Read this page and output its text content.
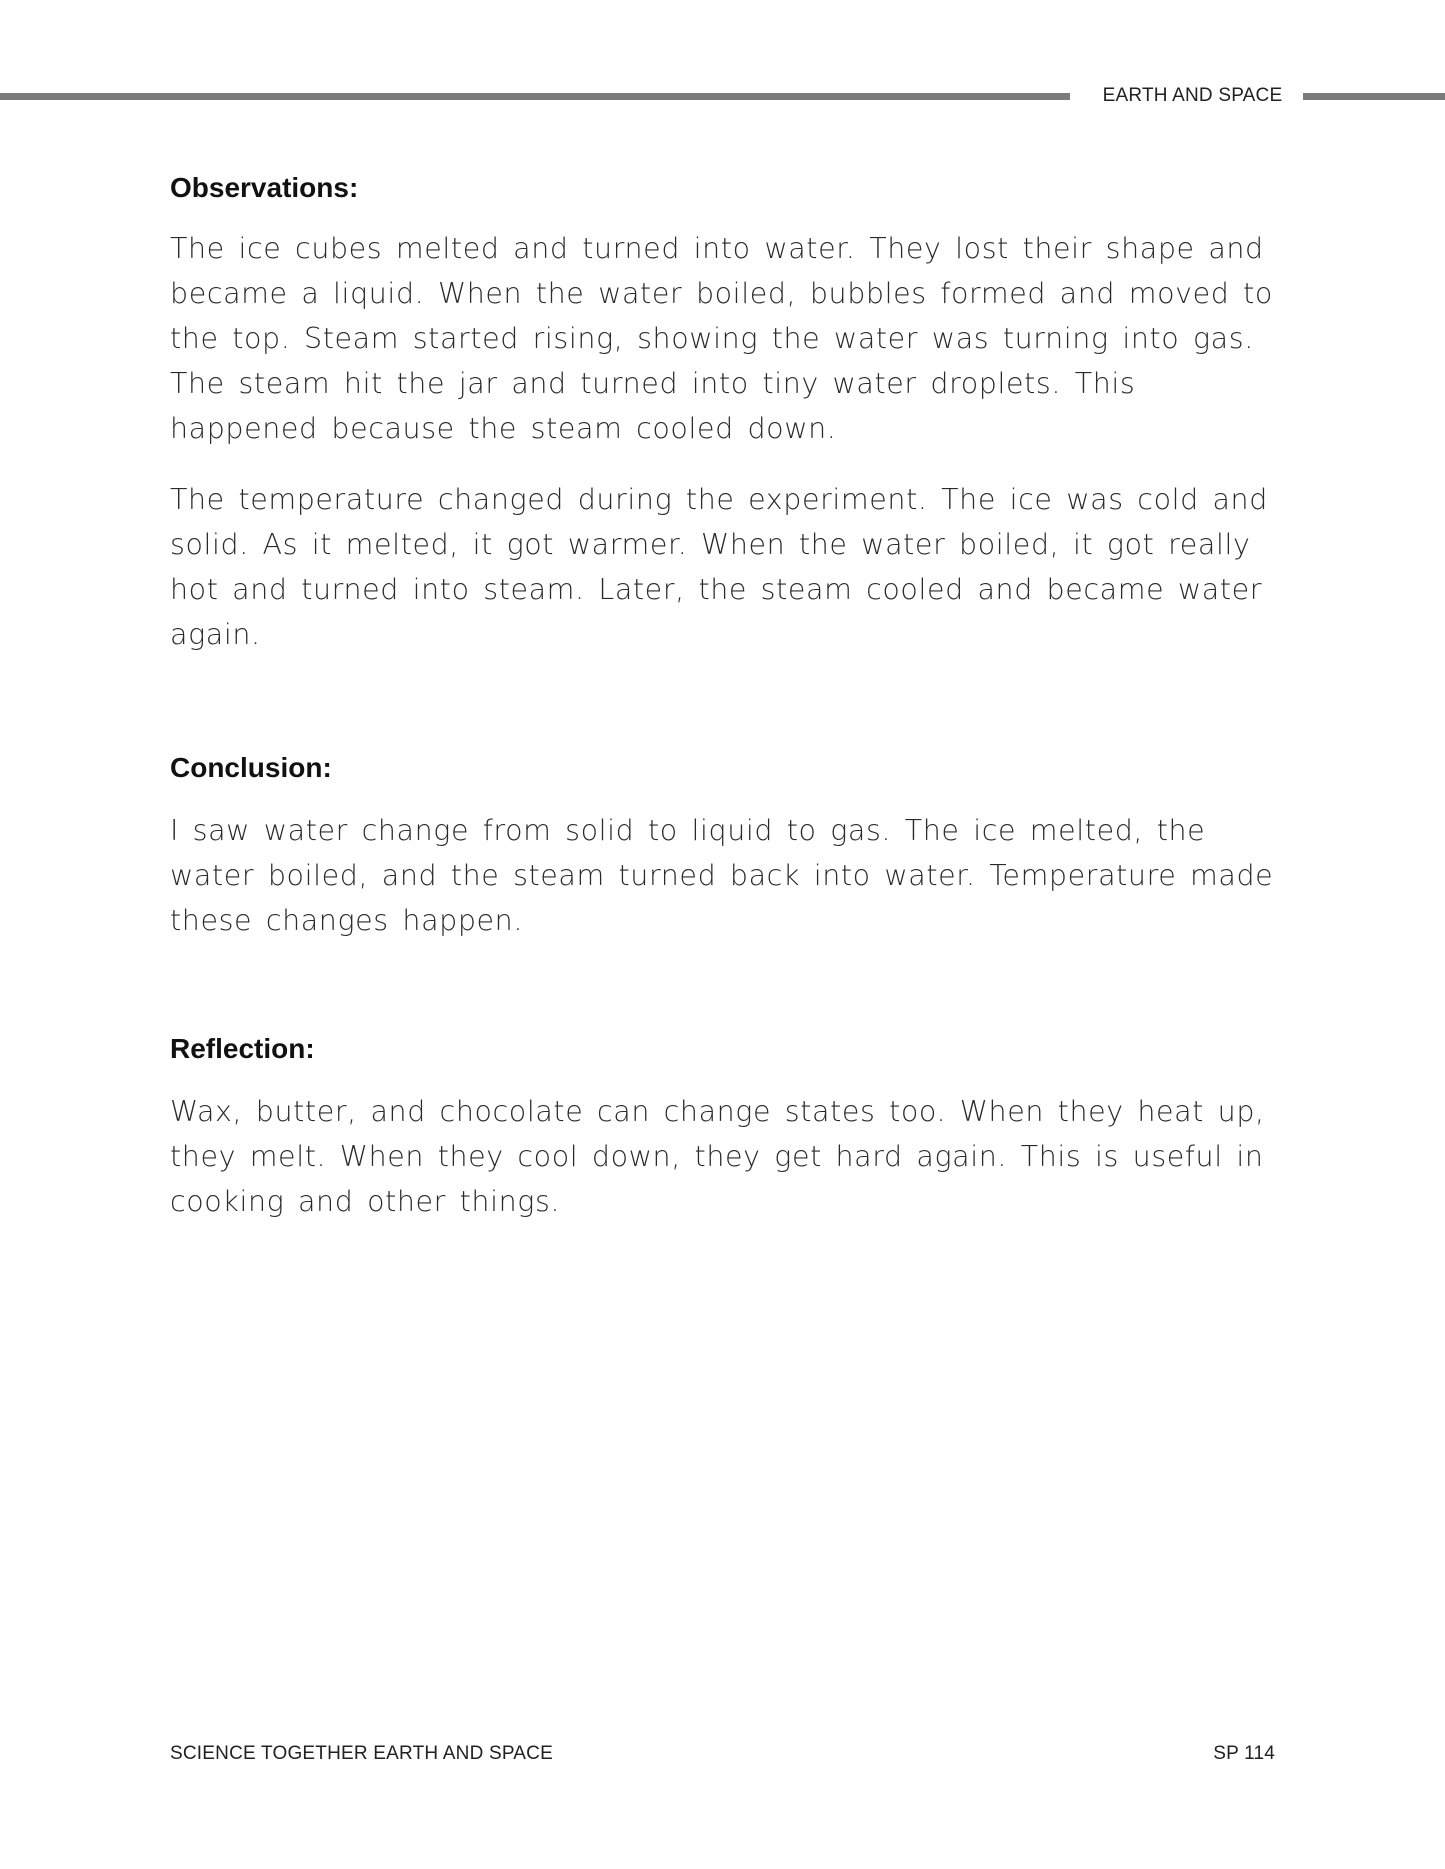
EARTH AND SPACE
Observations:

The ice cubes melted and turned into water. They lost their shape and became a liquid. When the water boiled, bubbles formed and moved to the top. Steam started rising, showing the water was turning into gas. The steam hit the jar and turned into tiny water droplets. This happened because the steam cooled down.

The temperature changed during the experiment. The ice was cold and solid. As it melted, it got warmer. When the water boiled, it got really hot and turned into steam. Later, the steam cooled and became water again.

Conclusion:

I saw water change from solid to liquid to gas. The ice melted, the water boiled, and the steam turned back into water. Temperature made these changes happen.

Reflection:

Wax, butter, and chocolate can change states too. When they heat up, they melt. When they cool down, they get hard again. This is useful in cooking and other things.

SCIENCE TOGETHER EARTH AND SPACE	SP 114
